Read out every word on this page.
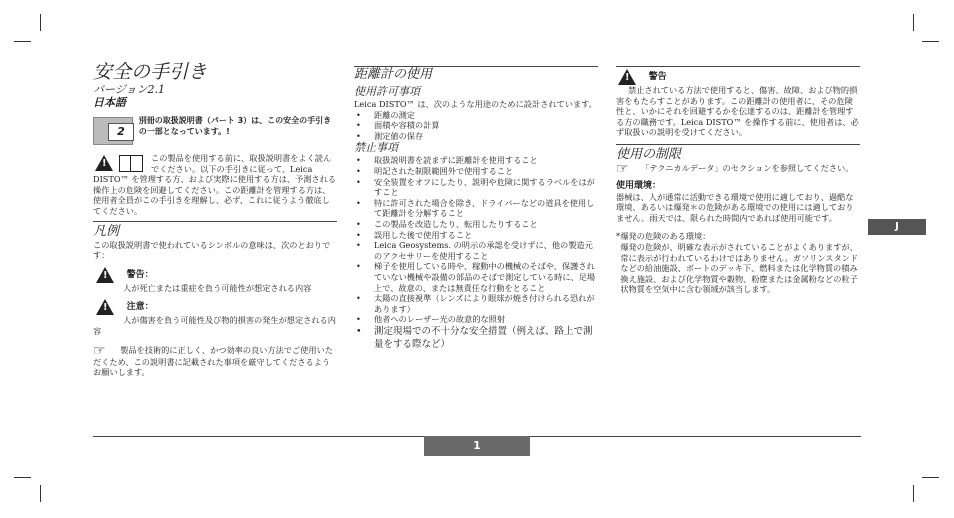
安全の手引き
バージョン2.1
日本語
2
別冊の取扱説明書（パート 3）は、この安全の手引きの一部となっています。!
!
この製品を使用する前に、取扱説明書をよく読んでください。以下の手引きに従って、Leica DISTO™ を管理する方、および実際に使用する方は、予測される操作上の危険を回避してください。この距離計を管理する方は、使用者全員がこの手引きを理解し、必ず、これに従うよう徹底してください。
凡例
この取扱説明書で使われているシンボルの意味は、次のとおりです：
! 警告：
人が死亡または重症を負う可能性が想定される内容
! 注意：
人が傷害を負う可能性及び物的損害の発生が想定される内容
☞ 製品を技術的に正しく、かつ効率の良い方法でご使用いただくため、この説明書に記載された事項を厳守してくださるようお願いします。
距離計の使用
使用許可事項
Leica DISTO™ は、次のような用途のために設計されています。
• 距離の測定
• 面積や容積の計算
• 測定値の保存
禁止事項
• 取扱説明書を読まずに距離計を使用すること
• 明記された制限範囲外で使用すること
• 安全装置をオフにしたり、説明や危険に関するラベルをはがすこと
• 特に許可された場合を除き、ドライバーなどの道具を使用して距離計を分解すること
• この製品を改造したり、転用したりすること
• 誤用した後で使用すること
• Leica Geosystems. の明示の承認を受けずに、他の製造元のアクセサリーを使用すること
• 梯子を使用している時や、稼動中の機械のそばや、保護されていない機械や設備の部品のそばで測定している時に、足場上で、故意の、または無責任な行動をとること
• 太陽の直接視準（レンズにより眼球が焼き付けられる恐れがあります）
• 他者へのレーザー光の故意的な照射
• 測定現場での不十分な安全措置（例えば、路上で測量をする際など）
! 警告
禁止されている方法で使用すると、傷害、故障、および物的損害をもたらすことがあります。この距離計の使用者に、その危険性と、いかにそれを回避するかを伝達するのは、距離計を管理する方の職務です。Leica DISTO™ を操作する前に、使用者は、必ず取扱いの説明を受けてください。
使用の制限
☞ 「テクニカルデータ」のセクションを参照してください。
使用環境：
器械は、人が通常に活動できる環境で使用に適しており、過酷な環境、あるいは爆発＊の危険がある環境での使用には適しておりません。雨天では、限られた時間内であれば使用可能です。
* 爆発の危険のある環境：
爆発の危険が、明確な表示がされていることがよくありますが、常に表示が行われているわけではありません。ガソリンスタンドなどの給油施設、ボートのデッキ下、燃料または化学物質の積み換え施設、および化学物質や穀物、粉塵または金属粉などの粒子状物質を空気中に含む領域が該当します。
J
1
